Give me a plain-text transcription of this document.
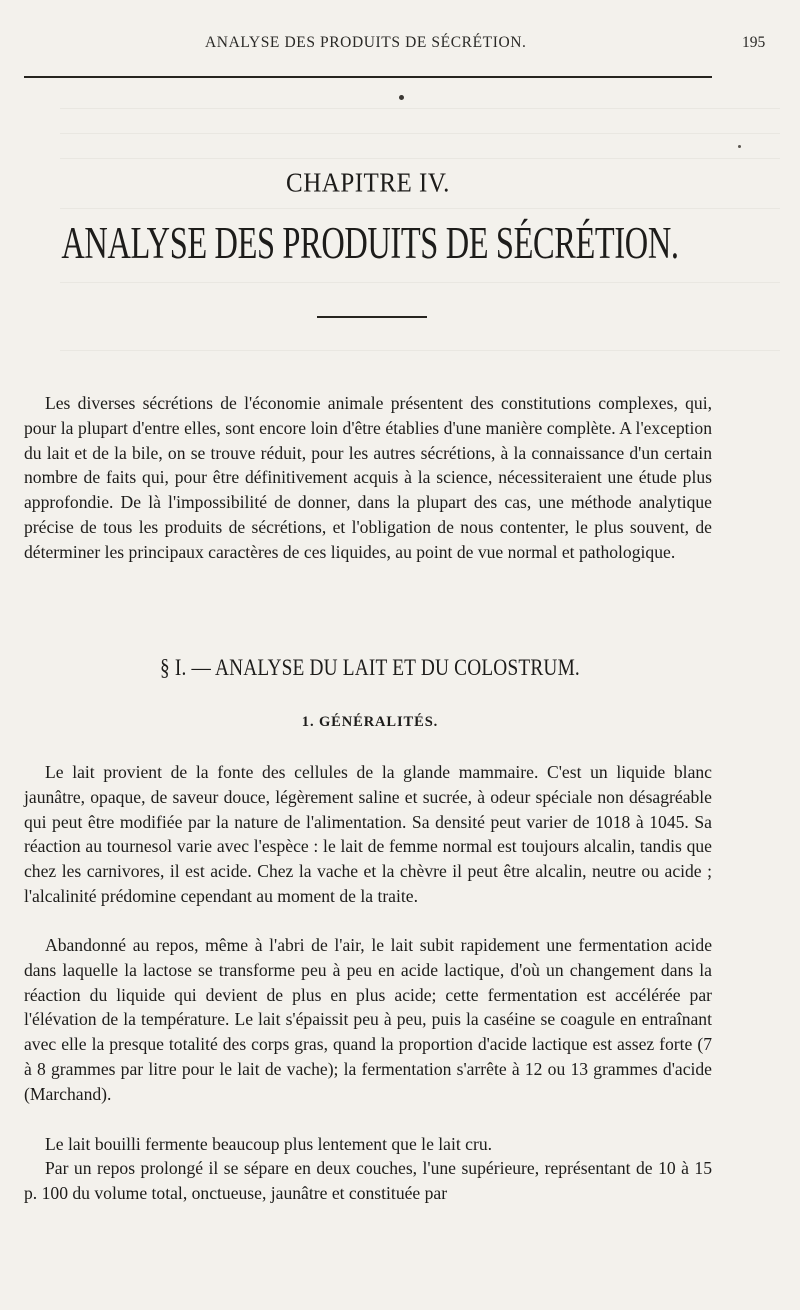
ANALYSE DES PRODUITS DE SÉCRÉTION.	195
CHAPITRE IV.
ANALYSE DES PRODUITS DE SÉCRÉTION.

Les diverses sécrétions de l'économie animale présentent des constitutions complexes, qui, pour la plupart d'entre elles, sont encore loin d'être établies d'une manière complète. A l'exception du lait et de la bile, on se trouve réduit, pour les autres sécrétions, à la connaissance d'un certain nombre de faits qui, pour être définitivement acquis à la science, nécessiteraient une étude plus approfondie. De là l'impossibilité de donner, dans la plupart des cas, une méthode analytique précise de tous les produits de sécrétions, et l'obligation de nous contenter, le plus souvent, de déterminer les principaux caractères de ces liquides, au point de vue normal et pathologique.

§ I. — ANALYSE DU LAIT ET DU COLOSTRUM.
1. GÉNÉRALITÉS.

Le lait provient de la fonte des cellules de la glande mammaire. C'est un liquide blanc jaunâtre, opaque, de saveur douce, légèrement saline et sucrée, à odeur spéciale non désagréable qui peut être modifiée par la nature de l'alimentation. Sa densité peut varier de 1018 à 1045. Sa réaction au tournesol varie avec l'espèce : le lait de femme normal est toujours alcalin, tandis que chez les carnivores, il est acide. Chez la vache et la chèvre il peut être alcalin, neutre ou acide ; l'alcalinité prédomine cependant au moment de la traite.

Abandonné au repos, même à l'abri de l'air, le lait subit rapidement une fermentation acide dans laquelle la lactose se transforme peu à peu en acide lactique, d'où un changement dans la réaction du liquide qui devient de plus en plus acide; cette fermentation est accélérée par l'élévation de la température. Le lait s'épaissit peu à peu, puis la caséine se coagule en entraînant avec elle la presque totalité des corps gras, quand la proportion d'acide lactique est assez forte (7 à 8 grammes par litre pour le lait de vache); la fermentation s'arrête à 12 ou 13 grammes d'acide (Marchand).

Le lait bouilli fermente beaucoup plus lentement que le lait cru.

Par un repos prolongé il se sépare en deux couches, l'une supérieure, représentant de 10 à 15 p. 100 du volume total, onctueuse, jaunâtre et constituée par
